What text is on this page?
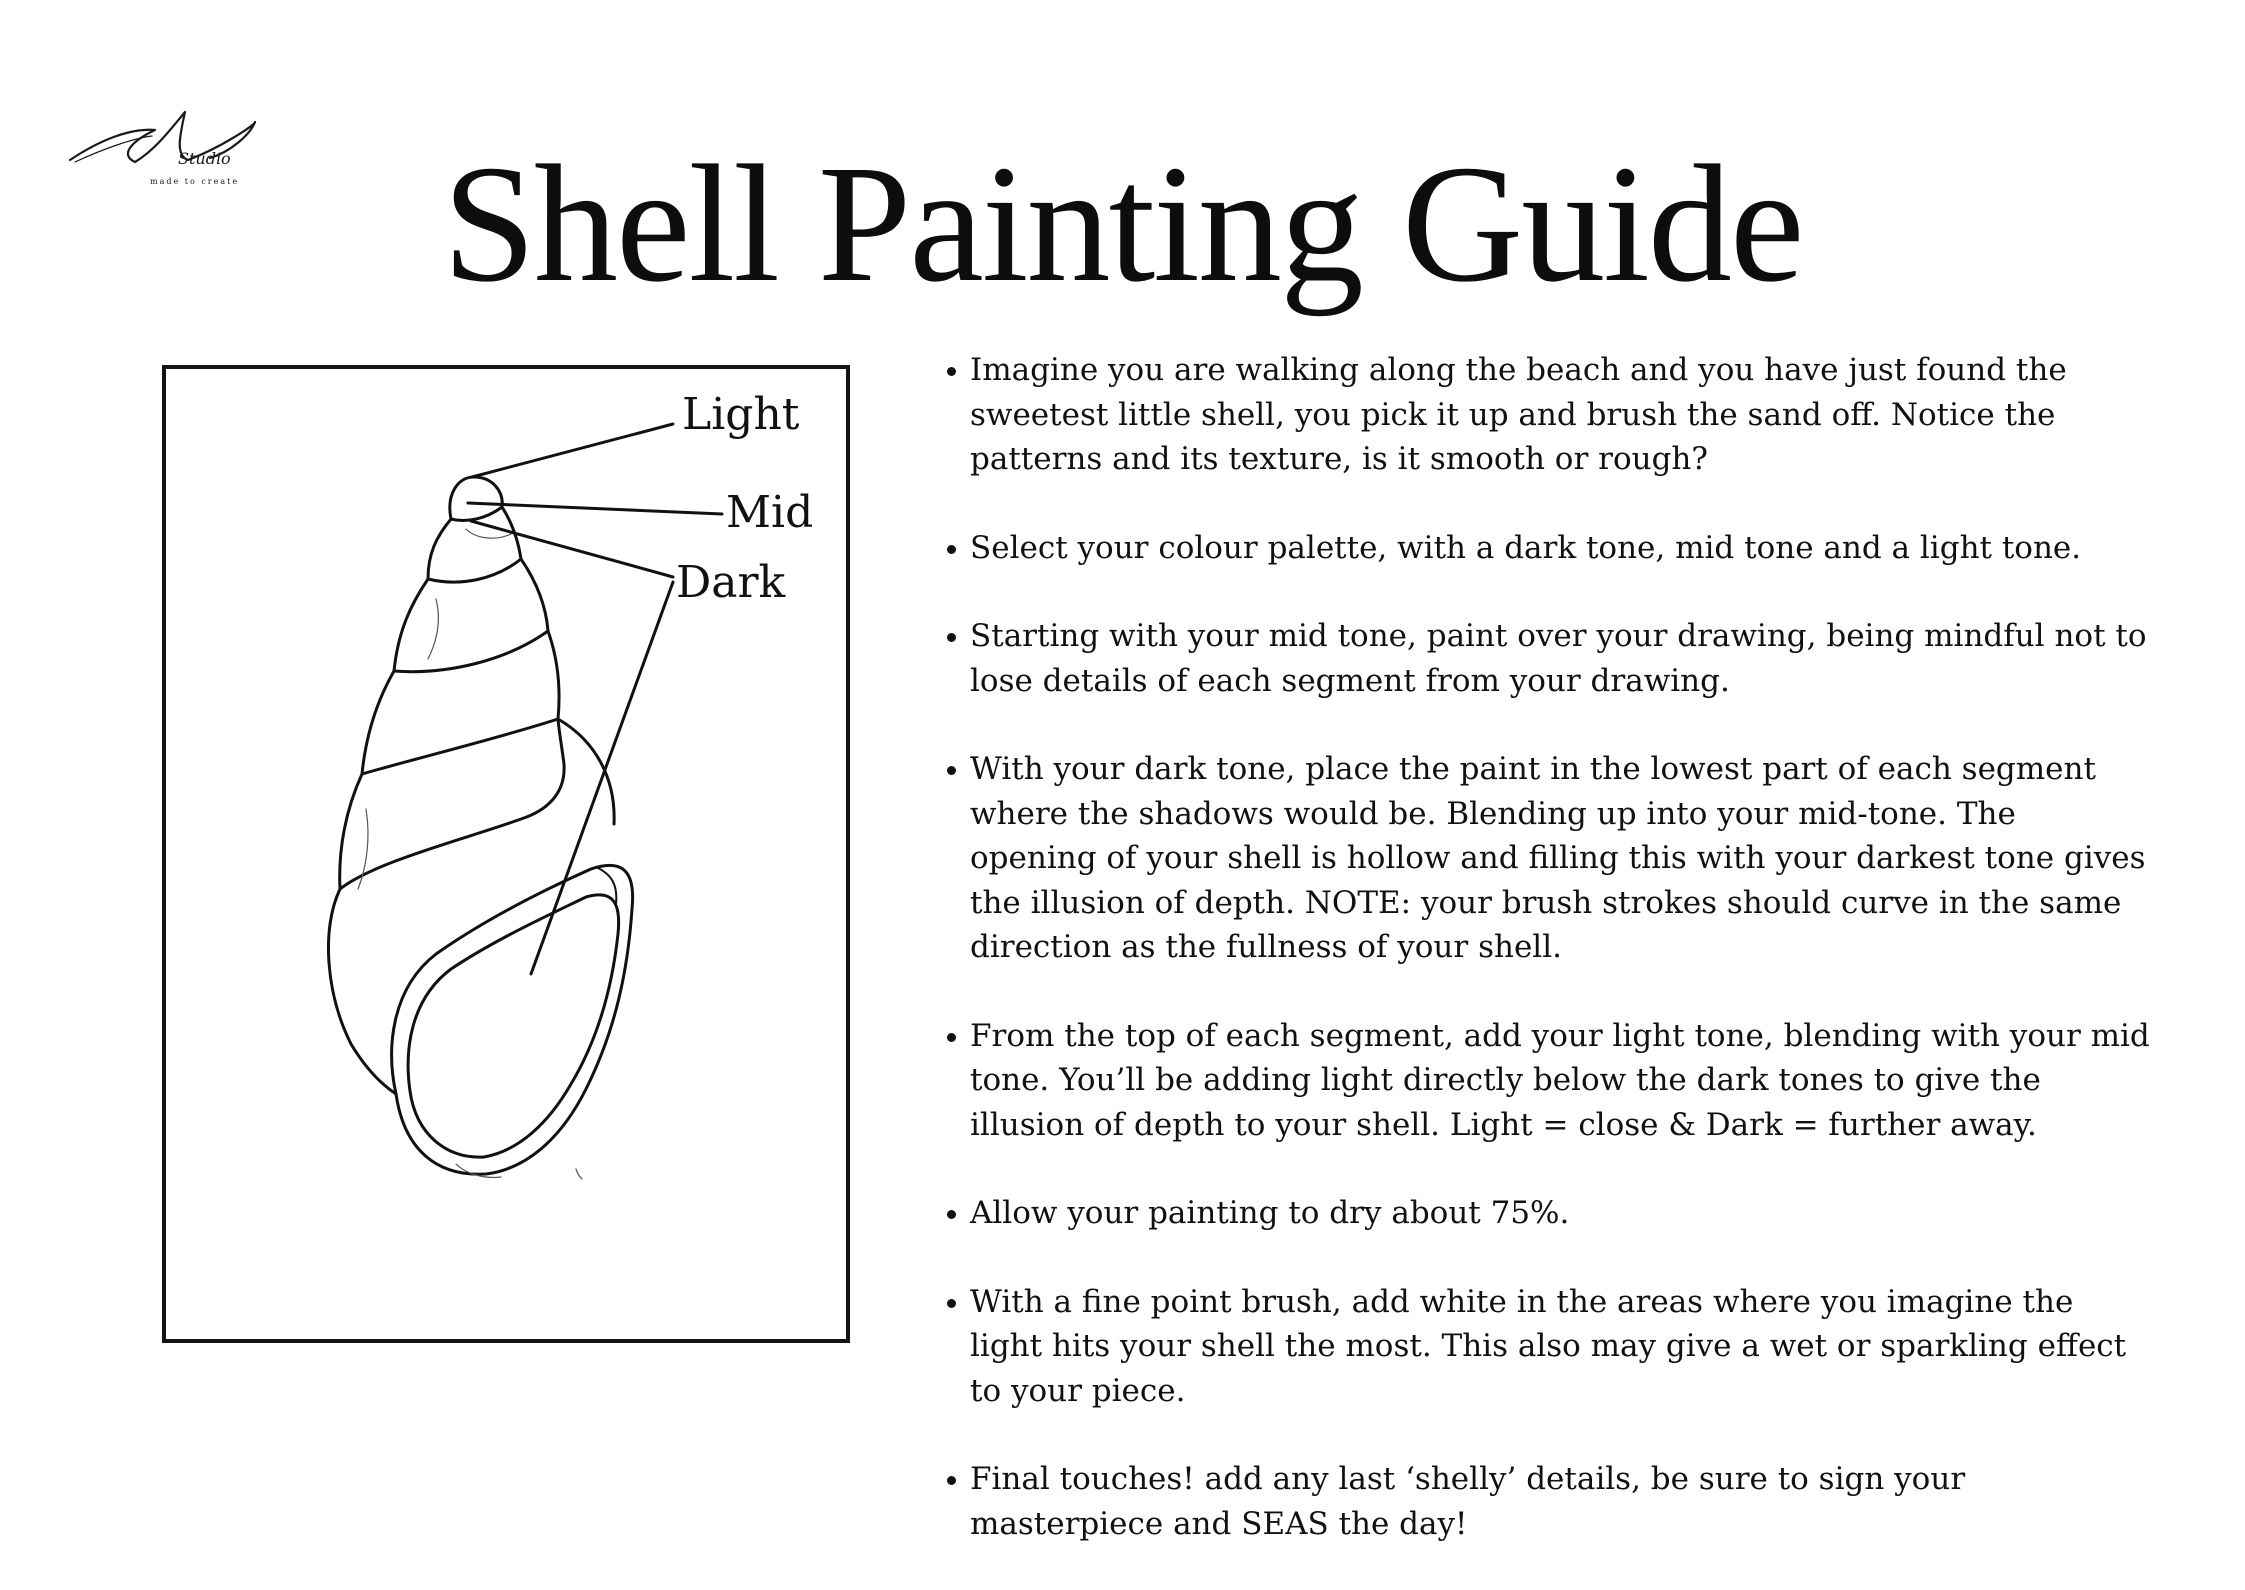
Studio
made to create	Shell Painting Guide
Light
Mid
Dark
Imagine you are walking along the beach and you have just found the sweetest little shell, you pick it up and brush the sand off. Notice the patterns and its texture, is it smooth or rough?
Select your colour palette, with a dark tone, mid tone and a light tone.
Starting with your mid tone, paint over your drawing, being mindful not to lose details of each segment from your drawing.
With your dark tone, place the paint in the lowest part of each segment where the shadows would be. Blending up into your mid-tone. The opening of your shell is hollow and filling this with your darkest tone gives the illusion of depth. NOTE: your brush strokes should curve in the same direction as the fullness of your shell.
From the top of each segment, add your light tone, blending with your mid tone. You’ll be adding light directly below the dark tones to give the illusion of depth to your shell. Light = close & Dark = further away.
Allow your painting to dry about 75%.
With a fine point brush, add white in the areas where you imagine the light hits your shell the most. This also may give a wet or sparkling effect to your piece.
Final touches! add any last ‘shelly’ details, be sure to sign your masterpiece and SEAS the day!
